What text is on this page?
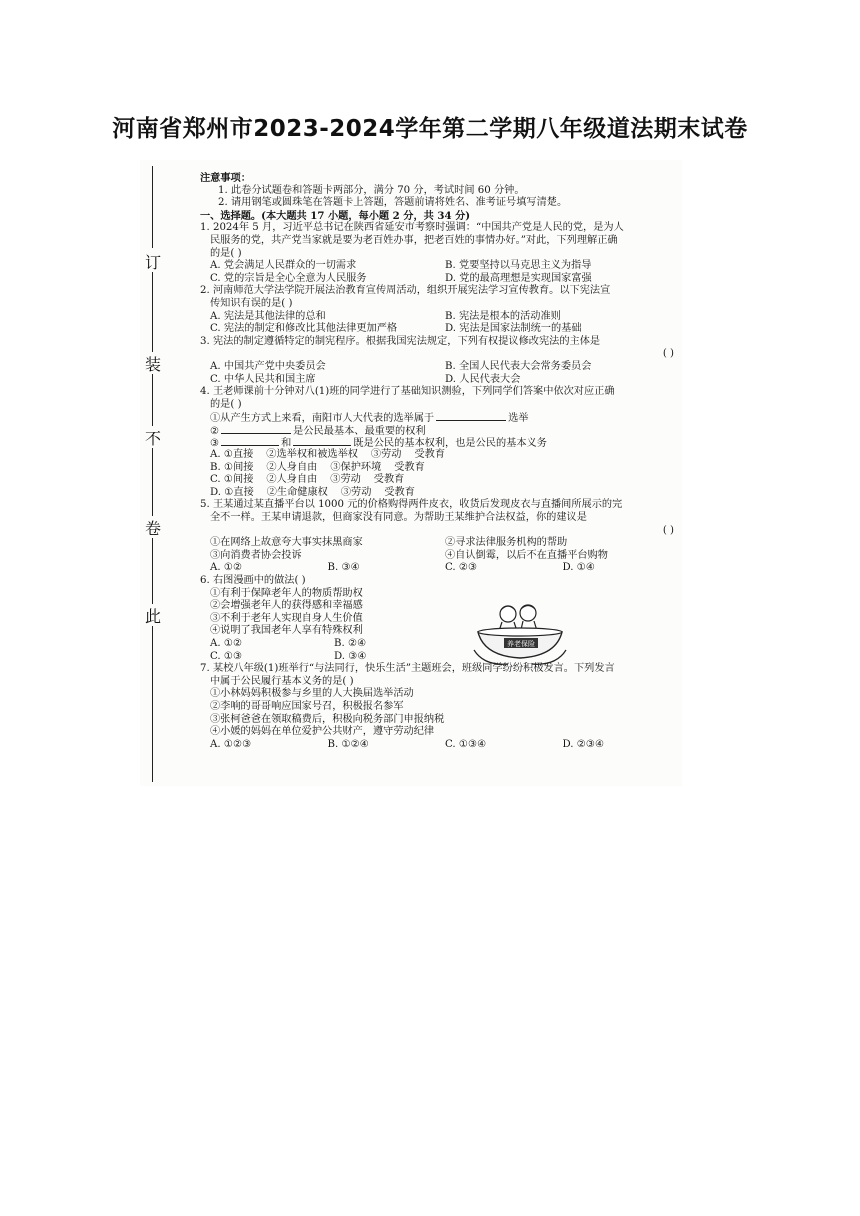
河南省郑州市2023-2024学年第二学期八年级道法期末试卷
订
装
不
卷
此
注意事项：
1. 此卷分试题卷和答题卡两部分，满分 70 分，考试时间 60 分钟。
2. 请用钢笔或圆珠笔在答题卡上答题，答题前请将姓名、准考证号填写清楚。
一、选择题。(本大题共 17 小题，每小题 2 分，共 34 分)
1. 2024年 5 月，习近平总书记在陕西省延安市考察时强调：“中国共产党是人民的党，是为人
民服务的党，共产党当家就是要为老百姓办事，把老百姓的事情办好。”对此，下列理解正确
的是( )
A. 党会满足人民群众的一切需求	B. 党要坚持以马克思主义为指导
C. 党的宗旨是全心全意为人民服务	D. 党的最高理想是实现国家富强
2. 河南师范大学法学院开展法治教育宣传周活动，组织开展宪法学习宣传教育。以下宪法宣
传知识有误的是( )
A. 宪法是其他法律的总和	B. 宪法是根本的活动准则
C. 宪法的制定和修改比其他法律更加严格	D. 宪法是国家法制统一的基础
3. 宪法的制定遵循特定的制宪程序。根据我国宪法规定，下列有权提议修改宪法的主体是
( )
A. 中国共产党中央委员会	B. 全国人民代表大会常务委员会
C. 中华人民共和国主席	D. 人民代表大会
4. 王老师课前十分钟对八(1)班的同学进行了基础知识测验，下列同学们答案中依次对应正确
的是( )
①从产生方式上来看，南阳市人大代表的选举属于	选举
②	是公民最基本、最重要的权利
③	和	既是公民的基本权利，也是公民的基本义务
A. ①直接    ②选举权和被选举权    ③劳动    受教育
B. ①间接    ②人身自由    ③保护环境    受教育
C. ①间接    ②人身自由    ③劳动    受教育
D. ①直接    ②生命健康权    ③劳动    受教育
5. 王某通过某直播平台以 1000 元的价格购得两件皮衣，收货后发现皮衣与直播间所展示的完
全不一样。王某申请退款，但商家没有同意。为帮助王某维护合法权益，你的建议是
( )
①在网络上故意夸大事实抹黑商家	②寻求法律服务机构的帮助
③向消费者协会投诉	④自认倒霉，以后不在直播平台购物
A. ①②	B. ③④	C. ②③	D. ①④
6. 右图漫画中的做法( )
①有利于保障老年人的物质帮助权
②会增强老年人的获得感和幸福感
③不利于老年人实现自身人生价值
④说明了我国老年人享有特殊权利
A. ①②	B. ②④
C. ①③	D. ③④
7. 某校八年级(1)班举行“与法同行，快乐生活”主题班会，班级同学纷纷积极发言。下列发言
中属于公民履行基本义务的是( )
①小林妈妈积极参与乡里的人大换届选举活动
②李响的哥哥响应国家号召，积极报名参军
③张柯爸爸在领取稿费后，积极向税务部门申报纳税
④小媛的妈妈在单位爱护公共财产，遵守劳动纪律
A. ①②③	B. ①②④	C. ①③④	D. ②③④
养老保险
